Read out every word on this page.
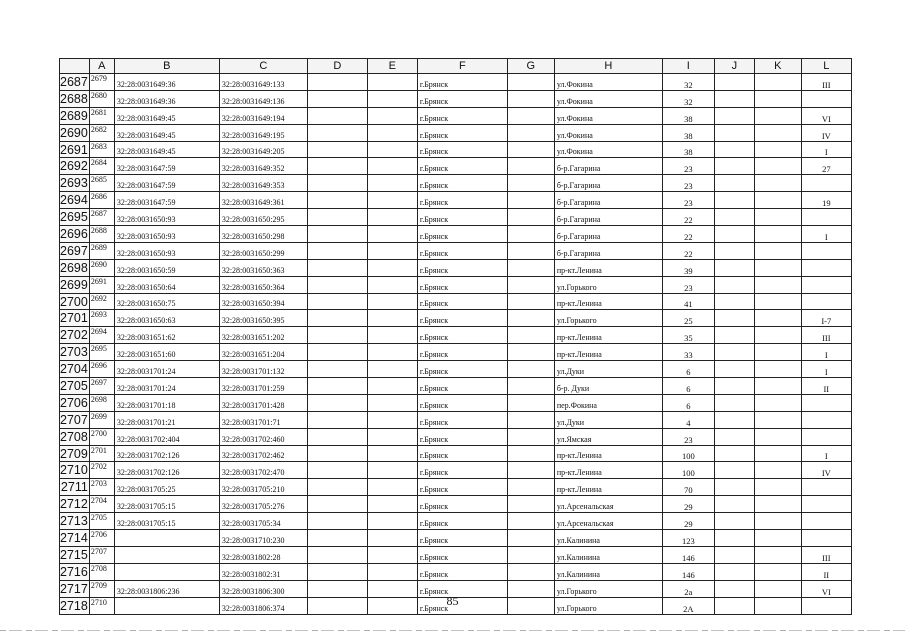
	A	B	C	D	E	F	G	H	I	J	K	L
2687	2679	32:28:0031649:36	32:28:0031649:133			г.Брянск		ул.Фокина	32			III
2688	2680	32:28:0031649:36	32:28:0031649:136			г.Брянск		ул.Фокина	32			
2689	2681	32:28:0031649:45	32:28:0031649:194			г.Брянск		ул.Фокина	38			VI
2690	2682	32:28:0031649:45	32:28:0031649:195			г.Брянск		ул.Фокина	38			IV
2691	2683	32:28:0031649:45	32:28:0031649:205			г.Брянск		ул.Фокина	38			I
2692	2684	32:28:0031647:59	32:28:0031649:352			г.Брянск		б-р.Гагарина	23			27
2693	2685	32:28:0031647:59	32:28:0031649:353			г.Брянск		б-р.Гагарина	23			
2694	2686	32:28:0031647:59	32:28:0031649:361			г.Брянск		б-р.Гагарина	23			19
2695	2687	32:28:0031650:93	32:28:0031650:295			г.Брянск		б-р.Гагарина	22			
2696	2688	32:28:0031650:93	32:28:0031650:298			г.Брянск		б-р.Гагарина	22			I
2697	2689	32:28:0031650:93	32:28:0031650:299			г.Брянск		б-р.Гагарина	22			
2698	2690	32:28:0031650:59	32:28:0031650:363			г.Брянск		пр-кт.Ленина	39			
2699	2691	32:28:0031650:64	32:28:0031650:364			г.Брянск		ул.Горького	23			
2700	2692	32:28:0031650:75	32:28:0031650:394			г.Брянск		пр-кт.Ленина	41			
2701	2693	32:28:0031650:63	32:28:0031650:395			г.Брянск		ул.Горького	25			I-7
2702	2694	32:28:0031651:62	32:28:0031651:202			г.Брянск		пр-кт.Ленина	35			III
2703	2695	32:28:0031651:60	32:28:0031651:204			г.Брянск		пр-кт.Ленина	33			I
2704	2696	32:28:0031701:24	32:28:0031701:132			г.Брянск		ул.Дуки	6			I
2705	2697	32:28:0031701:24	32:28:0031701:259			г.Брянск		б-р. Дуки	6			II
2706	2698	32:28:0031701:18	32:28:0031701:428			г.Брянск		пер.Фокина	6			
2707	2699	32:28:0031701:21	32:28:0031701:71			г.Брянск		ул.Дуки	4			
2708	2700	32:28:0031702:404	32:28:0031702:460			г.Брянск		ул.Ямская	23			
2709	2701	32:28:0031702:126	32:28:0031702:462			г.Брянск		пр-кт.Ленина	100			I
2710	2702	32:28:0031702:126	32:28:0031702:470			г.Брянск		пр-кт.Ленина	100			IV
2711	2703	32:28:0031705:25	32:28:0031705:210			г.Брянск		пр-кт.Ленина	70			
2712	2704	32:28:0031705:15	32:28:0031705:276			г.Брянск		ул.Арсенальская	29			
2713	2705	32:28:0031705:15	32:28:0031705:34			г.Брянск		ул.Арсенальская	29			
2714	2706		32:28:0031710:230			г.Брянск		ул.Калинина	123			
2715	2707		32:28:0031802:28			г.Брянск		ул.Калинина	146			III
2716	2708		32:28:0031802:31			г.Брянск		ул.Калинина	146			II
2717	2709	32:28:0031806:236	32:28:0031806:300			г.Брянск		ул.Горького	2а			VI
2718	2710		32:28:0031806:374			г.Брянск		ул.Горького	2А			
85
